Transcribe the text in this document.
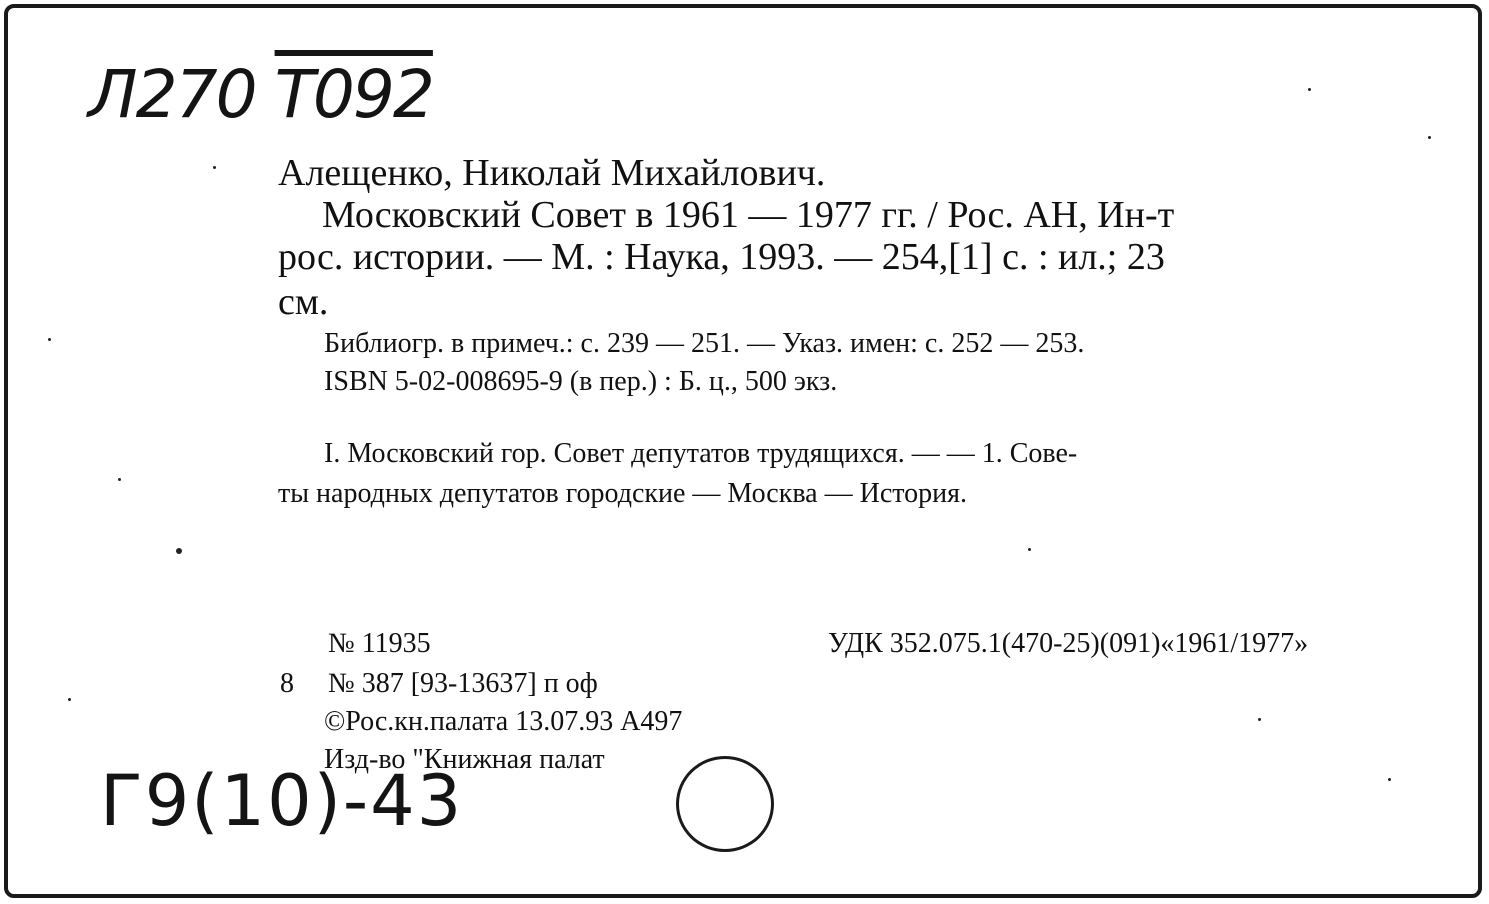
Л270 Т092
Алещенко, Николай Михайлович.
Московский Совет в 1961 — 1977 гг. / Рос. АН, Ин-т
рос. истории. — М. : Наука, 1993. — 254,[1] с. : ил.; 23
см.
Библиогр. в примеч.: с. 239 — 251. — Указ. имен: с. 252 — 253.
ISBN 5-02-008695-9 (в пер.) : Б. ц., 500 экз.
I. Московский гор. Совет депутатов трудящихся. — — 1. Сове-
ты народных депутатов городские — Москва — История.
№ 11935	УДК 352.075.1(470-25)(091)«1961/1977»
8 № 387 [93-13637] п оф
©Рос.кн.палата 13.07.93 А497
Изд-во "Книжная палат
Г9(10)-43
